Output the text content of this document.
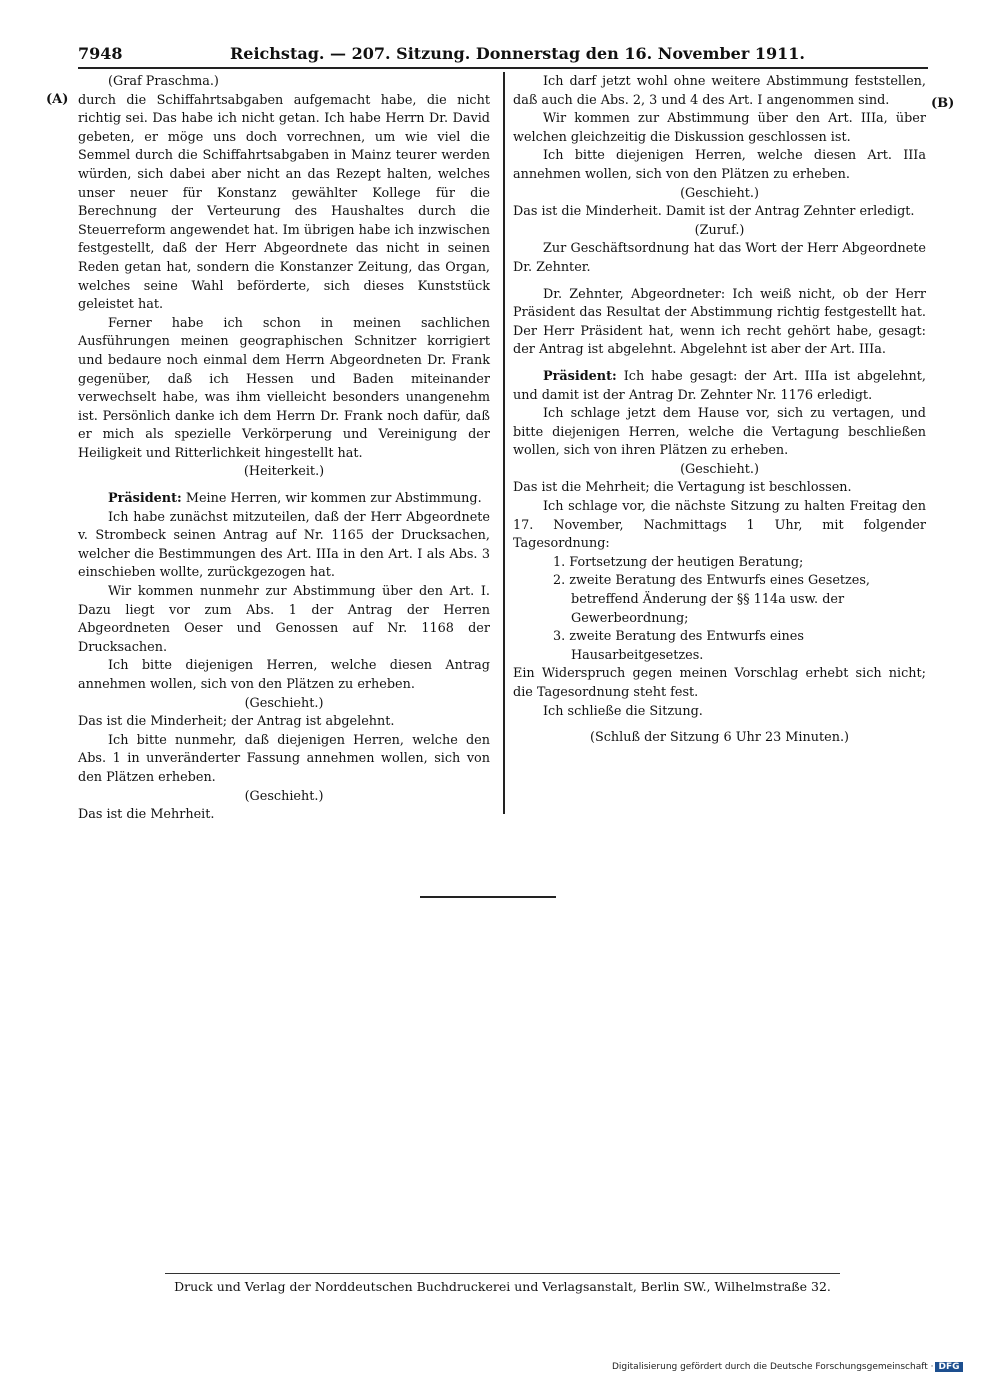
7948	Reichstag. — 207. Sitzung. Donnerstag den 16. November 1911.
(A)	(B)

(Graf Praschma.)

durch die Schiffahrtsabgaben aufgemacht habe, die nicht richtig sei. Das habe ich nicht getan. Ich habe Herrn Dr. David gebeten, er möge uns doch vorrechnen, um wie viel die Semmel durch die Schiffahrtsabgaben in Mainz teurer werden würden, sich dabei aber nicht an das Rezept halten, welches unser neuer für Konstanz gewählter Kollege für die Berechnung der Verteurung des Haushaltes durch die Steuerreform angewendet hat. Im übrigen habe ich inzwischen festgestellt, daß der Herr Abgeordnete das nicht in seinen Reden getan hat, sondern die Konstanzer Zeitung, das Organ, welches seine Wahl beförderte, sich dieses Kunststück geleistet hat.

Ferner habe ich schon in meinen sachlichen Ausführungen meinen geographischen Schnitzer korrigiert und bedaure noch einmal dem Herrn Abgeordneten Dr. Frank gegenüber, daß ich Hessen und Baden miteinander verwechselt habe, was ihm vielleicht besonders unangenehm ist. Persönlich danke ich dem Herrn Dr. Frank noch dafür, daß er mich als spezielle Verkörperung und Vereinigung der Heiligkeit und Ritterlichkeit hingestellt hat.

(Heiterkeit.)

Präsident: Meine Herren, wir kommen zur Abstimmung.

Ich habe zunächst mitzuteilen, daß der Herr Abgeordnete v. Strombeck seinen Antrag auf Nr. 1165 der Drucksachen, welcher die Bestimmungen des Art. IIIa in den Art. I als Abs. 3 einschieben wollte, zurückgezogen hat.

Wir kommen nunmehr zur Abstimmung über den Art. I. Dazu liegt vor zum Abs. 1 der Antrag der Herren Abgeordneten Oeser und Genossen auf Nr. 1168 der Drucksachen.

Ich bitte diejenigen Herren, welche diesen Antrag annehmen wollen, sich von den Plätzen zu erheben.

(Geschieht.)

Das ist die Minderheit; der Antrag ist abgelehnt.

Ich bitte nunmehr, daß diejenigen Herren, welche den Abs. 1 in unveränderter Fassung annehmen wollen, sich von den Plätzen erheben.

(Geschieht.)

Das ist die Mehrheit.

Ich darf jetzt wohl ohne weitere Abstimmung feststellen, daß auch die Abs. 2, 3 und 4 des Art. I angenommen sind.

Wir kommen zur Abstimmung über den Art. IIIa, über welchen gleichzeitig die Diskussion geschlossen ist.

Ich bitte diejenigen Herren, welche diesen Art. IIIa annehmen wollen, sich von den Plätzen zu erheben.

(Geschieht.)

Das ist die Minderheit. Damit ist der Antrag Zehnter erledigt.

(Zuruf.)

Zur Geschäftsordnung hat das Wort der Herr Abgeordnete Dr. Zehnter.

Dr. Zehnter, Abgeordneter: Ich weiß nicht, ob der Herr Präsident das Resultat der Abstimmung richtig festgestellt hat. Der Herr Präsident hat, wenn ich recht gehört habe, gesagt: der Antrag ist abgelehnt. Abgelehnt ist aber der Art. IIIa.

Präsident: Ich habe gesagt: der Art. IIIa ist abgelehnt, und damit ist der Antrag Dr. Zehnter Nr. 1176 erledigt.

Ich schlage jetzt dem Hause vor, sich zu vertagen, und bitte diejenigen Herren, welche die Vertagung beschließen wollen, sich von ihren Plätzen zu erheben.

(Geschieht.)

Das ist die Mehrheit; die Vertagung ist beschlossen.

Ich schlage vor, die nächste Sitzung zu halten Freitag den 17. November, Nachmittags 1 Uhr, mit folgender Tagesordnung:

1. Fortsetzung der heutigen Beratung;

2. zweite Beratung des Entwurfs eines Gesetzes, betreffend Änderung der §§ 114a usw. der Gewerbeordnung;

3. zweite Beratung des Entwurfs eines Hausarbeitgesetzes.

Ein Widerspruch gegen meinen Vorschlag erhebt sich nicht; die Tagesordnung steht fest.

Ich schließe die Sitzung.

(Schluß der Sitzung 6 Uhr 23 Minuten.)

Druck und Verlag der Norddeutschen Buchdruckerei und Verlagsanstalt, Berlin SW., Wilhelmstraße 32.
Digitalisierung gefördert durch die Deutsche Forschungsgemeinschaft · DFG
